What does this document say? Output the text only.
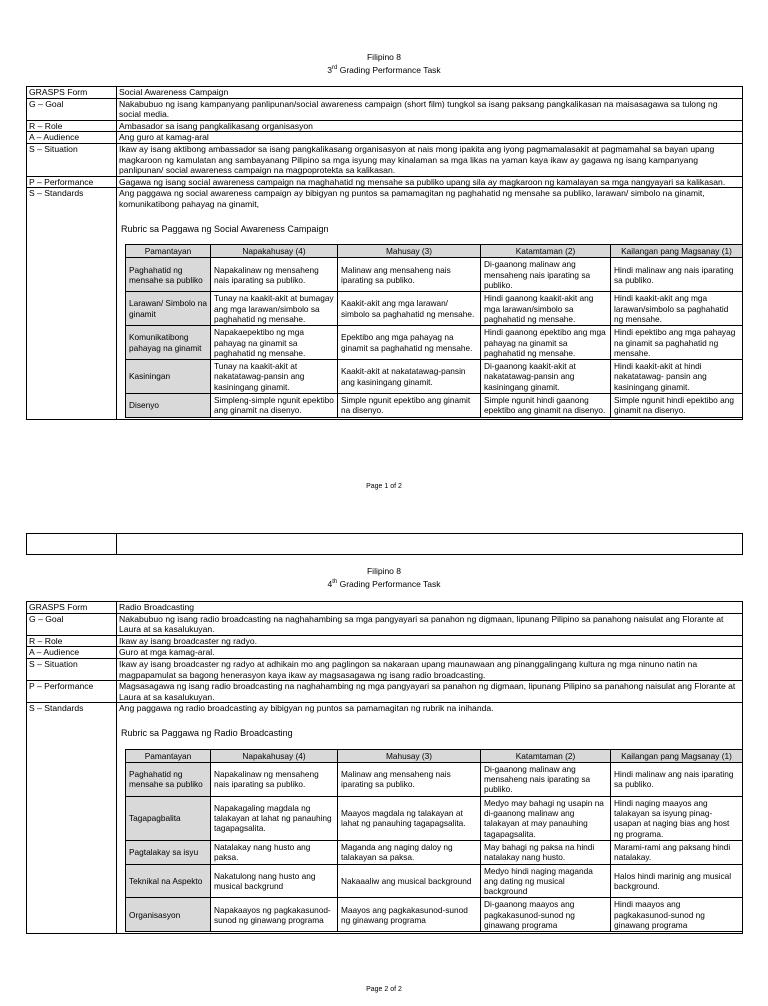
Filipino 8
3rd Grading Performance Task
GRASPS Form	Social Awareness Campaign
G – Goal	Nakabubuo ng isang kampanyang panlipunan/social awareness campaign (short film) tungkol sa isang paksang pangkalikasan na maisasagawa sa tulong ng social media.
R – Role	Ambasador sa isang pangkalikasang organisasyon
A – Audience	Ang guro at kamag-aral
S – Situation	Ikaw ay isang aktibong ambassador sa isang pangkalikasang organisasyon at nais mong ipakita ang iyong pagmamalasakit at pagmamahal sa bayan upang magkaroon ng kamulatan ang sambayanang Pilipino sa mga isyung may kinalaman sa mga likas na yaman kaya ikaw ay gagawa ng isang kampanyang panlipunan/ social awareness campaign na magpoprotekta sa kalikasan.
P – Performance	Gagawa ng isang social awareness campaign na maghahatid ng mensahe sa publiko upang sila ay magkaroon ng kamalayan sa mga nangyayari sa kalikasan.
S – Standards	Ang paggawa ng social awareness campaign ay bibigyan ng puntos sa pamamagitan ng paghahatid ng mensahe sa publiko, larawan/ simbolo na ginamit, komunikatibong pahayag na ginamit,
Rubric sa Paggawa ng Social Awareness Campaign
Pamantayan	Napakahusay (4)	Mahusay (3)	Katamtaman (2)	Kailangan pang Magsanay (1)
Paghahatid ng mensahe sa publiko	Napakalinaw ng mensaheng nais iparating sa publiko.	Malinaw ang mensaheng nais iparating sa publiko.	Di-gaanong malinaw ang mensaheng nais iparating sa publiko.	Hindi malinaw ang nais iparating sa publiko.
Larawan/ Simbolo na ginamit	Tunay na kaakit-akit at bumagay ang mga larawan/simbolo sa paghahatid ng mensahe.	Kaakit-akit ang mga larawan/ simbolo sa paghahatid ng mensahe.	Hindi gaanong kaakit-akit ang mga larawan/simbolo sa paghahatid ng mensahe.	Hindi kaakit-akit ang mga larawan/simbolo sa paghahatid ng mensahe.
Komunikatibong pahayag na ginamit	Napakaepektibo ng mga pahayag na ginamit sa paghahatid ng mensahe.	Epektibo ang mga pahayag na ginamit sa paghahatid ng mensahe.	Hindi gaanong epektibo ang mga pahayag na ginamit sa paghahatid ng mensahe.	Hindi epektibo ang mga pahayag na ginamit sa paghahatid ng mensahe.
Kasiningan	Tunay na kaakit-akit at nakatatawag-pansin ang kasiningang ginamit.	Kaakit-akit at nakatatawag-pansin ang kasiningang ginamit.	Di-gaanong kaakit-akit at nakatatawag-pansin ang kasiningang ginamit.	Hindi kaakit-akit at hindi nakatatawag- pansin ang kasiningang ginamit.
Disenyo	Simpleng-simple ngunit epektibo ang ginamit na disenyo.	Simple ngunit epektibo ang ginamit na disenyo.	Simple ngunit hindi gaanong epektibo ang ginamit na disenyo.	Simple ngunit hindi epektibo ang ginamit na disenyo.
Page 1 of 2
Filipino 8
4th Grading Performance Task
GRASPS Form	Radio Broadcasting
G – Goal	Nakabubuo ng isang radio broadcasting na naghahambing sa mga pangyayari sa panahon ng digmaan, lipunang Pilipino sa panahong naisulat ang Florante at Laura at sa kasalukuyan.
R – Role	Ikaw ay isang broadcaster ng radyo.
A – Audience	Guro at mga kamag-aral.
S – Situation	Ikaw ay isang broadcaster ng radyo at adhikain mo ang paglingon sa nakaraan upang maunawaan ang pinanggalingang kultura ng mga ninuno natin na magpapamulat sa bagong henerasyon kaya ikaw ay magsasagawa ng isang radio broadcasting.
P – Performance	Magsasagawa ng isang radio broadcasting na naghahambing ng mga pangyayari sa panahon ng digmaan, lipunang Pilipino sa panahong naisulat ang Florante at Laura at sa kasalukuyan.
S – Standards	Ang paggawa ng radio broadcasting ay bibigyan ng puntos sa pamamagitan ng rubrik na inihanda.
Rubric sa Paggawa ng Radio Broadcasting
Pamantayan	Napakahusay (4)	Mahusay (3)	Katamtaman (2)	Kailangan pang Magsanay (1)
Paghahatid ng mensahe sa publiko	Napakalinaw ng mensaheng nais iparating sa publiko.	Malinaw ang mensaheng nais iparating sa publiko.	Di-gaanong malinaw ang mensaheng nais iparating sa publiko.	Hindi malinaw ang nais iparating sa publiko.
Tagapagbalita	Napakagaling magdala ng talakayan at lahat ng panauhing tagapagsalita.	Maayos magdala ng talakayan at lahat ng panauhing tagapagsalita.	Medyo may bahagi ng usapin na di-gaanong malinaw ang talakayan at may panauhing tagapagsalita.	Hindi naging maayos ang talakayan sa isyung pinag-usapan at naging bias ang host ng programa.
Pagtalakay sa isyu	Natalakay nang husto ang paksa.	Maganda ang naging daloy ng talakayan sa paksa.	May bahagi ng paksa na hindi natalakay nang husto.	Marami-rami ang paksang hindi natalakay.
Teknikal na Aspekto	Nakatulong nang husto ang musical backgrund	Nakaaaliw ang musical background	Medyo hindi naging maganda ang dating ng musical background	Halos hindi marinig ang musical background.
Organisasyon	Napakaayos ng pagkakasunod-sunod ng ginawang programa	Maayos ang pagkakasunod-sunod ng ginawang programa	Di-gaanong maayos ang pagkakasunod-sunod ng ginawang programa	Hindi maayos ang pagkakasunod-sunod ng ginawang programa
Page 2 of 2
